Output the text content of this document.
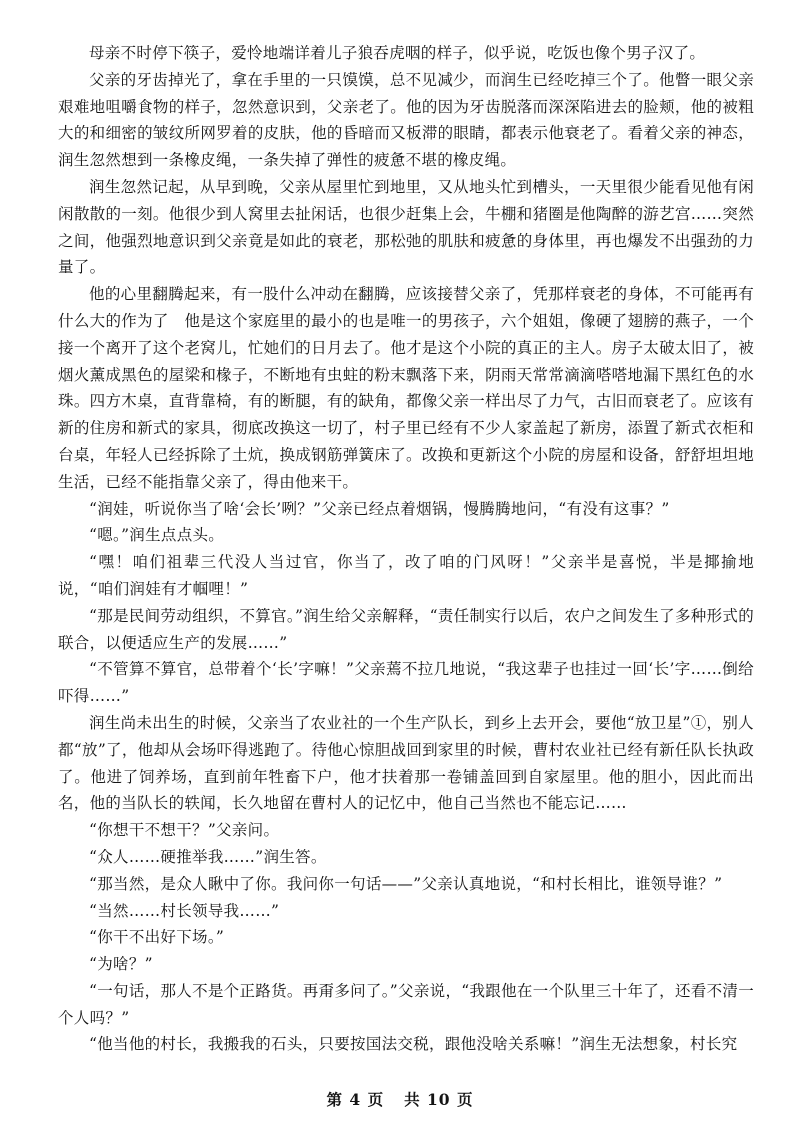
母亲不时停下筷子，爱怜地端详着儿子狼吞虎咽的样子，似乎说，吃饭也像个男子汉了。

父亲的牙齿掉光了，拿在手里的一只馍馍，总不见减少，而润生已经吃掉三个了。他瞥一眼父亲艰难地咀嚼食物的样子，忽然意识到，父亲老了。他的因为牙齿脱落而深深陷进去的脸颊，他的被粗大的和细密的皱纹所网罗着的皮肤，他的昏暗而又板滞的眼睛，都表示他衰老了。看着父亲的神态，润生忽然想到一条橡皮绳，一条失掉了弹性的疲惫不堪的橡皮绳。

润生忽然记起，从早到晚，父亲从屋里忙到地里，又从地头忙到槽头，一天里很少能看见他有闲闲散散的一刻。他很少到人窝里去扯闲话，也很少赶集上会，牛棚和猪圈是他陶醉的游艺宫……突然之间，他强烈地意识到父亲竟是如此的衰老，那松弛的肌肤和疲惫的身体里，再也爆发不出强劲的力量了。

他的心里翻腾起来，有一股什么冲动在翻腾，应该接替父亲了，凭那样衰老的身体，不可能再有什么大的作为了　他是这个家庭里的最小的也是唯一的男孩子，六个姐姐，像硬了翅膀的燕子，一个接一个离开了这个老窝儿，忙她们的日月去了。他才是这个小院的真正的主人。房子太破太旧了，被烟火薰成黑色的屋梁和椽子，不断地有虫蛀的粉末飘落下来，阴雨天常常滴滴嗒嗒地漏下黑红色的水珠。四方木桌，直背靠椅，有的断腿，有的缺角，都像父亲一样出尽了力气，古旧而衰老了。应该有新的住房和新式的家具，彻底改换这一切了，村子里已经有不少人家盖起了新房，添置了新式衣柜和台桌，年轻人已经拆除了土炕，换成钢筋弹簧床了。改换和更新这个小院的房屋和设备，舒舒坦坦地生活，已经不能指靠父亲了，得由他来干。

“润娃，听说你当了啥‘会长’咧？”父亲已经点着烟锅，慢腾腾地问，“有没有这事？”

“嗯。”润生点点头。

“嘿！咱们祖辈三代没人当过官，你当了，改了咱的门风呀！”父亲半是喜悦，半是揶揄地说，“咱们润娃有才帼哩！”

“那是民间劳动组织，不算官。”润生给父亲解释，“责任制实行以后，农户之间发生了多种形式的联合，以便适应生产的发展……”

“不管算不算官，总带着个‘长’字嘛！”父亲蔫不拉几地说，“我这辈子也挂过一回‘长’字……倒给吓得……”

润生尚未出生的时候，父亲当了农业社的一个生产队长，到乡上去开会，要他“放卫星”①，别人都“放”了，他却从会场吓得逃跑了。待他心惊胆战回到家里的时候，曹村农业社已经有新任队长执政了。他进了饲养场，直到前年牲畜下户，他才扶着那一卷铺盖回到自家屋里。他的胆小，因此而出名，他的当队长的轶闻，长久地留在曹村人的记忆中，他自己当然也不能忘记……

“你想干不想干？”父亲问。

“众人……硬推举我……”润生答。

“那当然，是众人瞅中了你。我问你一句话——”父亲认真地说，“和村长相比，谁领导谁？”

“当然……村长领导我……”

“你干不出好下场。”

“为啥？”

“一句话，那人不是个正路货。再甭多问了。”父亲说，“我跟他在一个队里三十年了，还看不清一个人吗？”

“他当他的村长，我搬我的石头，只要按国法交税，跟他没啥关系嘛！”润生无法想象，村长究

第 4 页 共 10 页
